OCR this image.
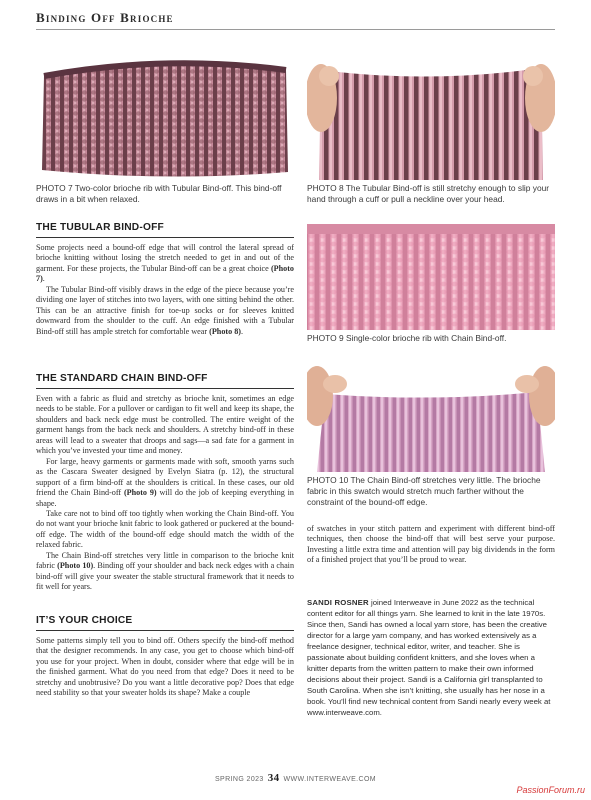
Binding Off Brioche
PHOTO 7 Two-color brioche rib with Tubular Bind-off. This bind-off draws in a bit when relaxed.
PHOTO 8 The Tubular Bind-off is still stretchy enough to slip your hand through a cuff or pull a neckline over your head.
PHOTO 9 Single-color brioche rib with Chain Bind-off.
PHOTO 10 The Chain Bind-off stretches very little. The brioche fabric in this swatch would stretch much farther without the constraint of the bound-off edge.
THE TUBULAR BIND-OFF

Some projects need a bound-off edge that will control the lateral spread of brioche knitting without losing the stretch needed to get in and out of the garment. For these projects, the Tubular Bind-off can be a great choice (Photo 7).

The Tubular Bind-off visibly draws in the edge of the piece because you’re dividing one layer of stitches into two layers, with one sitting behind the other. This can be an attractive finish for toe-up socks or for sleeves knitted downward from the shoulder to the cuff. An edge finished with a Tubular Bind-off still has ample stretch for comfortable wear (Photo 8).

THE STANDARD CHAIN BIND-OFF

Even with a fabric as fluid and stretchy as brioche knit, sometimes an edge needs to be stable. For a pullover or cardigan to fit well and keep its shape, the shoulders and back neck edge must be controlled. The entire weight of the garment hangs from the back neck and shoulders. A stretchy bind-off in these areas will lead to a sweater that droops and sags—a sad fate for a garment in which you’ve invested your time and money.

For large, heavy garments or garments made with soft, smooth yarns such as the Cascara Sweater designed by Evelyn Siatra (p. 12), the structural support of a firm bind-off at the shoulders is critical. In these cases, our old friend the Chain Bind-off (Photo 9) will do the job of keeping everything in shape.

Take care not to bind off too tightly when working the Chain Bind-off. You do not want your brioche knit fabric to look gathered or puckered at the bound-off edge. The width of the bound-off edge should match the width of the relaxed fabric.

The Chain Bind-off stretches very little in comparison to the brioche knit fabric (Photo 10). Binding off your shoulder and back neck edges with a chain bind-off will give your sweater the stable structural framework that it needs to fit well for years.

IT’S YOUR CHOICE

Some patterns simply tell you to bind off. Others specify the bind-off method that the designer recommends. In any case, you get to choose which bind-off you use for your project. When in doubt, consider where that edge will be in the finished garment. What do you need from that edge? Does it need to be stretchy and unobtrusive? Do you want a little decorative pop? Does that edge need stability so that your sweater holds its shape? Make a couple

of swatches in your stitch pattern and experiment with different bind-off techniques, then choose the bind-off that will best serve your purpose. Investing a little extra time and attention will pay big dividends in the form of a finished project that you’ll be proud to wear.

SANDI ROSNER joined Interweave in June 2022 as the technical content editor for all things yarn. She learned to knit in the late 1970s. Since then, Sandi has owned a local yarn store, has been the creative director for a large yarn company, and has worked extensively as a freelance designer, technical editor, writer, and teacher. She is passionate about building confident knitters, and she loves when a knitter departs from the written pattern to make their own informed decisions about their project. Sandi is a California girl transplanted to South Carolina. When she isn’t knitting, she usually has her nose in a book. You’ll find new technical content from Sandi nearly every week at www.interweave.com.
SPRING 2023 34 WWW.INTERWEAVE.COM
PassionForum.ru
